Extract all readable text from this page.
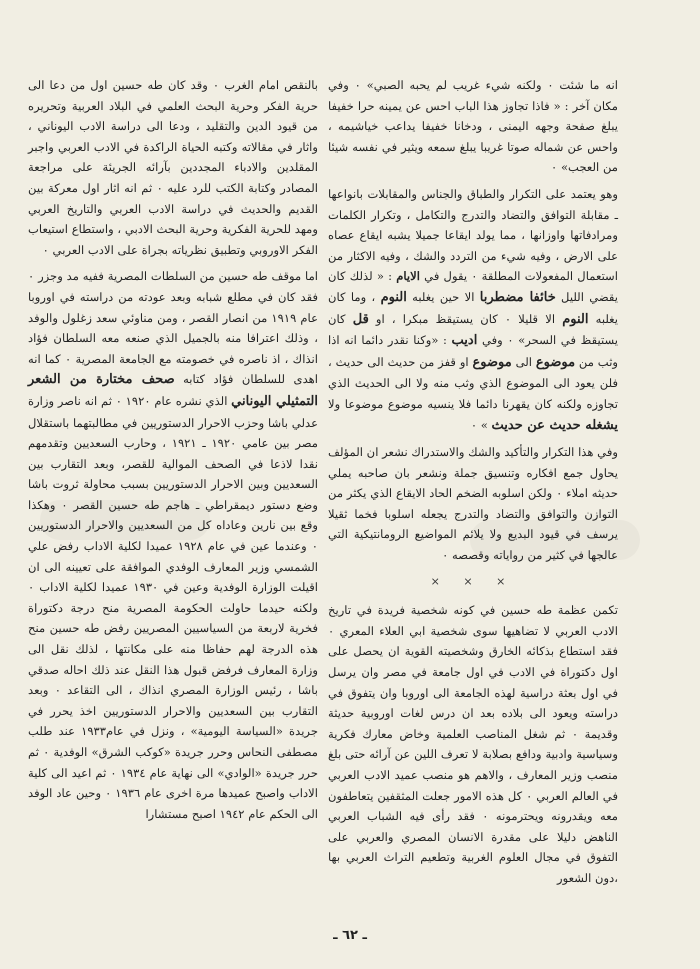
انه ما شئت ٠ ولكنه شيء غريب لم يحبه الصبي» ٠ وفي مكان آخر : « فاذا تجاوز هذا الباب احس عن يمينه حرا خفيفا يبلغ صفحة وجهه اليمنى ، ودخانا خفيفا يداعب خياشيمه ، واحس عن شماله صوتا غريبا يبلغ سمعه ويثير في نفسه شيئا من العجب» ٠

وهو يعتمد على التكرار والطباق والجناس والمقابلات بانواعها ـ مقابلة التوافق والتضاد والتدرج والتكامل ، وتكرار الكلمات ومرادفاتها واوزانها ، مما يولد ايقاعا جميلا يشبه ايقاع عصاه على الارض ، وفيه شيء من التردد والشك ، وفيه الاكثار من استعمال المفعولات المطلقة ٠ يقول في الايام : « لذلك كان يقضي الليل خائفا مضطربا الا حين يغلبه النوم ، وما كان يغلبه النوم الا قليلا ٠ كان يستيقظ مبكرا ، او قل كان يستيقظ في السحر» ٠ وفي اديب : «وكنا نقدر دائما انه اذا وثب من موضوع الى موضوع او قفز من حديث الى حديث ، فلن يعود الى الموضوع الذي وثب منه ولا الى الحديث الذي تجاوزه ولكنه كان يقهرنا دائما فلا ينسيه موضوع موضوعا ولا يشغله حديث عن حديث » ٠

وفي هذا التكرار والتأكيد والشك والاستدراك نشعر ان المؤلف يحاول جمع افكاره وتنسيق جملة ونشعر بان صاحبه يملي حديثه املاء ٠ ولكن اسلوبه الضخم الحاد الايقاع الذي يكثر من التوازن والتوافق والتضاد والتدرج يجعله اسلوبا فخما ثقيلا يرسف في قيود البديع ولا يلائم المواضيع الرومانتيكية التي عالجها في كثير من رواياته وقصصه ٠

× × ×

تكمن عظمة طه حسين في كونه شخصية فريدة في تاريخ الادب العربي لا تضاهيها سوى شخصية ابي العلاء المعري ٠ فقد استطاع بذكائه الخارق وشخصيته القوية ان يحصل على اول دكتوراة في الادب في اول جامعة في مصر وان يرسل في اول بعثة دراسية لهذه الجامعة الى اوروبا وان يتفوق في دراسته ويعود الى بلاده بعد ان درس لغات اوروبية حديثة وقديمة ٠ ثم شغل المناصب العلمية وخاض معارك فكرية وسياسية وادبية ودافع بصلابة لا تعرف اللين عن آرائه حتى بلغ منصب وزير المعارف ، والاهم هو منصب عميد الادب العربي في العالم العربي ٠ كل هذه الامور جعلت المثقفين يتعاطفون معه ويقدرونه ويحترمونه ٠ فقد رأى فيه الشباب العربي الناهض دليلا على مقدرة الانسان المصري والعربي على التفوق في مجال العلوم الغربية وتطعيم التراث العربي بها ،دون الشعور

بالنقص امام الغرب ٠ وقد كان طه حسين اول من دعا الى حرية الفكر وحرية البحث العلمي في البلاد العربية وتحريره من قيود الدين والتقليد ، ودعا الى دراسة الادب اليوناني ، واثار في مقالاته وكتبه الحياة الراكدة في الادب العربي واجبر المقلدين والادباء المجددين بآرائه الجريئة على مراجعة المصادر وكتابة الكتب للرد عليه ٠ ثم انه اثار اول معركة بين القديم والحديث في دراسة الادب العربي والتاريخ العربي ومهد للحرية الفكرية وحرية البحث الادبي ، واستطاع استيعاب الفكر الاوروبي وتطبيق نظرياته بجراة على الادب العربي ٠

اما موقف طه حسين من السلطات المصرية ففيه مد وجزر ٠ فقد كان في مطلع شبابه وبعد عودته من دراسته في اوروبا عام ١٩١٩ من انصار القصر ، ومن مناوئي سعد زغلول والوفد ، وذلك اعترافا منه بالجميل الذي صنعه معه السلطان فؤاد انذاك ، اذ ناصره في خصومته مع الجامعة المصرية ٠ كما انه اهدى للسلطان فؤاد كتابه صحف مختارة من الشعر التمثيلي اليوناني الذي نشره عام ١٩٢٠ ٠ ثم انه ناصر وزارة عدلي باشا وحزب الاحرار الدستوريين في مطالبتهما باستقلال مصر بين عامي ١٩٢٠ ـ ١٩٢١ ، وحارب السعديين وتقدمهم نقدا لاذعا في الصحف الموالية للقصر، وبعد التقارب بين السعديين وبين الاحرار الدستوريين بسبب محاولة ثروت باشا وضع دستور ديمقراطي ـ هاجم طه حسين القصر ٠ وهكذا وقع بين نارين وعاداه كل من السعديين والاحرار الدستوريين ٠ وعندما عين في عام ١٩٢٨ عميدا لكلية الاداب رفض علي الشمسي وزير المعارف الوفدي الموافقة على تعيينه الى ان اقيلت الوزارة الوفدية وعين في ١٩٣٠ عميدا لكلية الاداب ٠ ولكنه حيدما حاولت الحكومة المصرية منح درجة دكتوراة فخرية لاربعة من السياسيين المصريين رفض طه حسين منح هذه الدرجة لهم حفاظا منه على مكانتها ، لذلك نقل الى وزارة المعارف فرفض قبول هذا النقل عند ذلك احاله صدقي باشا ، رئيس الوزارة المصري انذاك ، الى التقاعد ٠ وبعد التقارب بين السعديين والاحرار الدستوريين اخذ يحرر في جريدة «السياسة اليومية» ، ونزل في عام١٩٣٣ عند طلب مصطفى النحاس وحرر جريدة «كوكب الشرق» الوفدية ٠ ثم حرر جريدة «الوادي» الى نهاية عام ١٩٣٤ ٠ ثم اعيد الى كلية الاداب واصبح عميدها مرة اخرى عام ١٩٣٦ ٠ وحين عاد الوفد الى الحكم عام ١٩٤٢ اصبح مستشارا

ـ ٦٢ ـ
